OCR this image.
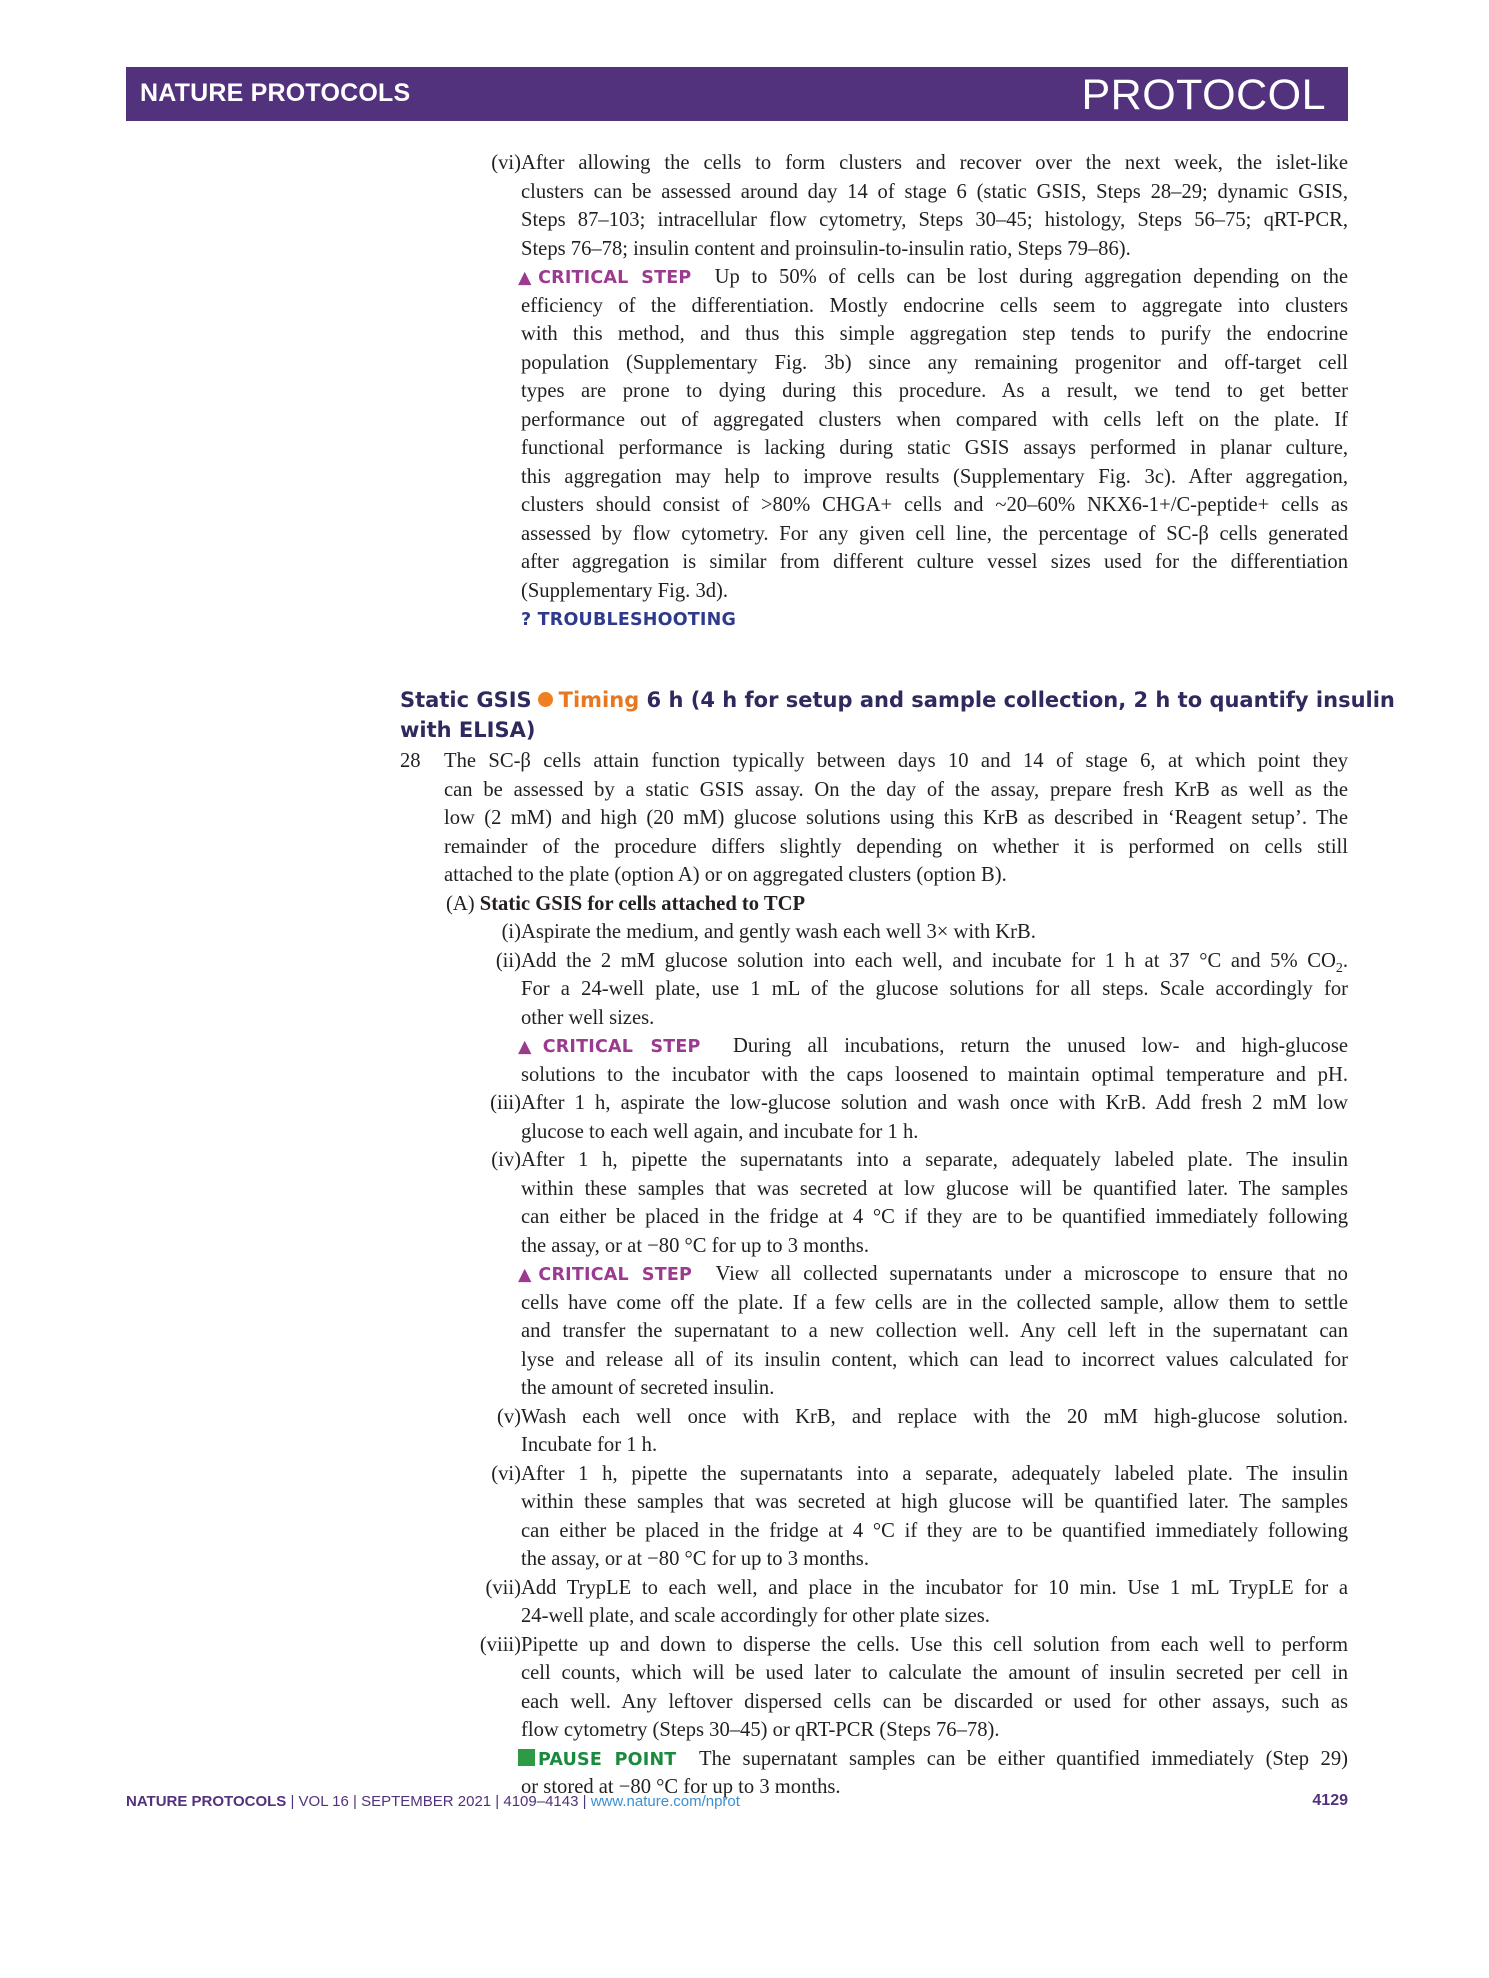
NATURE PROTOCOLS	PROTOCOL
(vi) After allowing the cells to form clusters and recover over the next week, the islet-like
clusters can be assessed around day 14 of stage 6 (static GSIS, Steps 28–29; dynamic GSIS,
Steps 87–103; intracellular flow cytometry, Steps 30–45; histology, Steps 56–75; qRT-PCR,
Steps 76–78; insulin content and proinsulin-to-insulin ratio, Steps 79–86).
▲CRITICAL STEP Up to 50% of cells can be lost during aggregation depending on the
efficiency of the differentiation. Mostly endocrine cells seem to aggregate into clusters
with this method, and thus this simple aggregation step tends to purify the endocrine
population (Supplementary Fig. 3b) since any remaining progenitor and off-target cell
types are prone to dying during this procedure. As a result, we tend to get better
performance out of aggregated clusters when compared with cells left on the plate. If
functional performance is lacking during static GSIS assays performed in planar culture,
this aggregation may help to improve results (Supplementary Fig. 3c). After aggregation,
clusters should consist of >80% CHGA+ cells and ~20–60% NKX6-1+/C-peptide+ cells as
assessed by flow cytometry. For any given cell line, the percentage of SC-β cells generated
after aggregation is similar from different culture vessel sizes used for the differentiation
(Supplementary Fig. 3d).
? TROUBLESHOOTING
Static GSIS Timing 6 h (4 h for setup and sample collection, 2 h to quantify insulin
with ELISA)
28 The SC-β cells attain function typically between days 10 and 14 of stage 6, at which point they
can be assessed by a static GSIS assay. On the day of the assay, prepare fresh KrB as well as the
low (2 mM) and high (20 mM) glucose solutions using this KrB as described in ‘Reagent setup’. The
remainder of the procedure differs slightly depending on whether it is performed on cells still
attached to the plate (option A) or on aggregated clusters (option B).
(A) Static GSIS for cells attached to TCP
(i) Aspirate the medium, and gently wash each well 3× with KrB.
(ii) Add the 2 mM glucose solution into each well, and incubate for 1 h at 37 °C and 5% $CO_2$.
For a 24-well plate, use 1 mL of the glucose solutions for all steps. Scale accordingly for
other well sizes.
▲CRITICAL STEP During all incubations, return the unused low- and high-glucose
solutions to the incubator with the caps loosened to maintain optimal temperature and pH.
(iii) After 1 h, aspirate the low-glucose solution and wash once with KrB. Add fresh 2 mM low
glucose to each well again, and incubate for 1 h.
(iv) After 1 h, pipette the supernatants into a separate, adequately labeled plate. The insulin
within these samples that was secreted at low glucose will be quantified later. The samples
can either be placed in the fridge at 4 °C if they are to be quantified immediately following
the assay, or at −80 °C for up to 3 months.
▲CRITICAL STEP View all collected supernatants under a microscope to ensure that no
cells have come off the plate. If a few cells are in the collected sample, allow them to settle
and transfer the supernatant to a new collection well. Any cell left in the supernatant can
lyse and release all of its insulin content, which can lead to incorrect values calculated for
the amount of secreted insulin.
(v) Wash each well once with KrB, and replace with the 20 mM high-glucose solution.
Incubate for 1 h.
(vi) After 1 h, pipette the supernatants into a separate, adequately labeled plate. The insulin
within these samples that was secreted at high glucose will be quantified later. The samples
can either be placed in the fridge at 4 °C if they are to be quantified immediately following
the assay, or at −80 °C for up to 3 months.
(vii) Add TrypLE to each well, and place in the incubator for 10 min. Use 1 mL TrypLE for a
24-well plate, and scale accordingly for other plate sizes.
(viii) Pipette up and down to disperse the cells. Use this cell solution from each well to perform
cell counts, which will be used later to calculate the amount of insulin secreted per cell in
each well. Any leftover dispersed cells can be discarded or used for other assays, such as
flow cytometry (Steps 30–45) or qRT-PCR (Steps 76–78).
PAUSE POINT The supernatant samples can be either quantified immediately (Step 29)
or stored at −80 °C for up to 3 months.
NATURE PROTOCOLS | VOL 16 | SEPTEMBER 2021 | 4109–4143 | www.nature.com/nprot	4129
